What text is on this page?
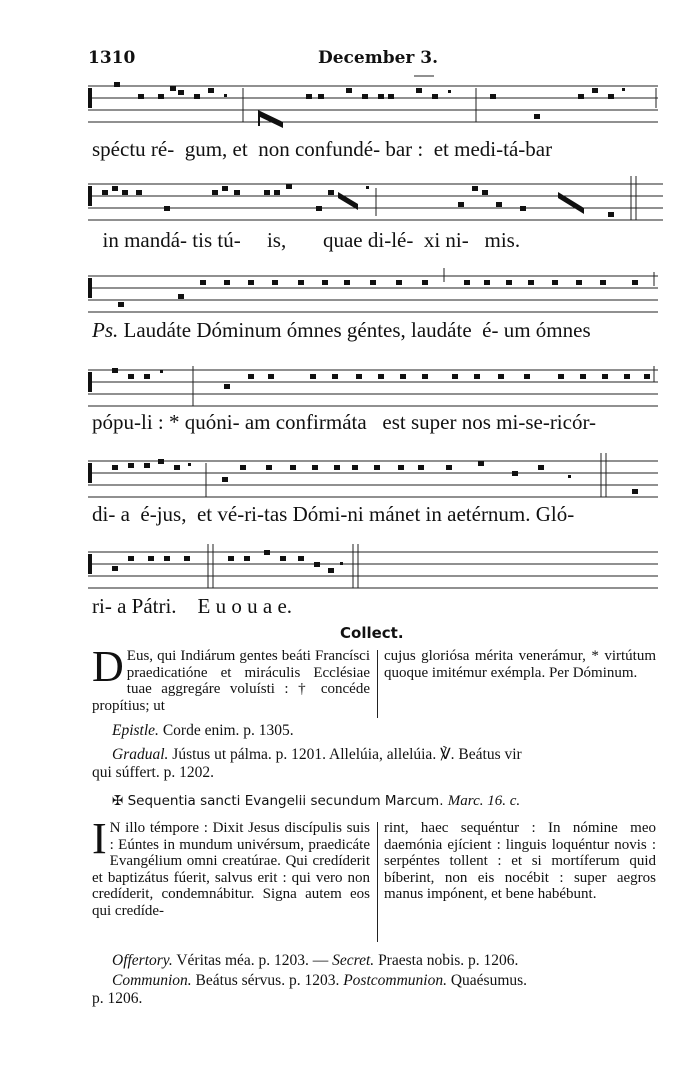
1310	December 3.
spéctu ré-  gum, et  non confundé- bar :  et medi-tá-bar
in mandá- tis tú-     is,       quae di-lé-  xi ni-   mis.
Ps. Laudáte Dóminum ómnes géntes, laudáte  é- um ómnes
pópu-li : * quóni- am confirmáta   est super nos mi-se-ricór-
di- a  é-jus,  et vé-ri-tas Dómi-ni mánet in aetérnum. Gló-
ri- a Pátri.    E u o u a e.
Collect.
D Eus, qui Indiárum gentes beáti Francísci praedicatióne et miráculis Ecclésiae tuae aggregáre voluísti : † concéde propítius; ut
cujus gloriósa mérita venerámur, * virtútum quoque imitémur exémpla. Per Dóminum.
Epistle. Corde enim. p. 1305.
Gradual. Jústus ut pálma. p. 1201. Allelúia, allelúia. ℣. Beátus vir
qui súffert. p. 1202.
✠ Sequentia sancti Evangelii secundum Marcum. Marc. 16. c.
I N illo témpore : Dixit Jesus discípulis suis : Eúntes in mundum univérsum, praedicáte Evangélium omni creatúrae. Qui credíderit et baptizátus fúerit, salvus erit : qui vero non credíderit, condemnábitur. Signa autem eos qui credíde-
rint, haec sequéntur : In nómine meo daemónia ejícient : linguis loquéntur novis : serpéntes tollent : et si mortíferum quid bíberint, non eis nocébit : super aegros manus impónent, et bene habébunt.
Offertory. Véritas méa. p. 1203. — Secret. Praesta nobis. p. 1206.
Communion. Beátus sérvus. p. 1203. Postcommunion. Quaésumus.
p. 1206.
